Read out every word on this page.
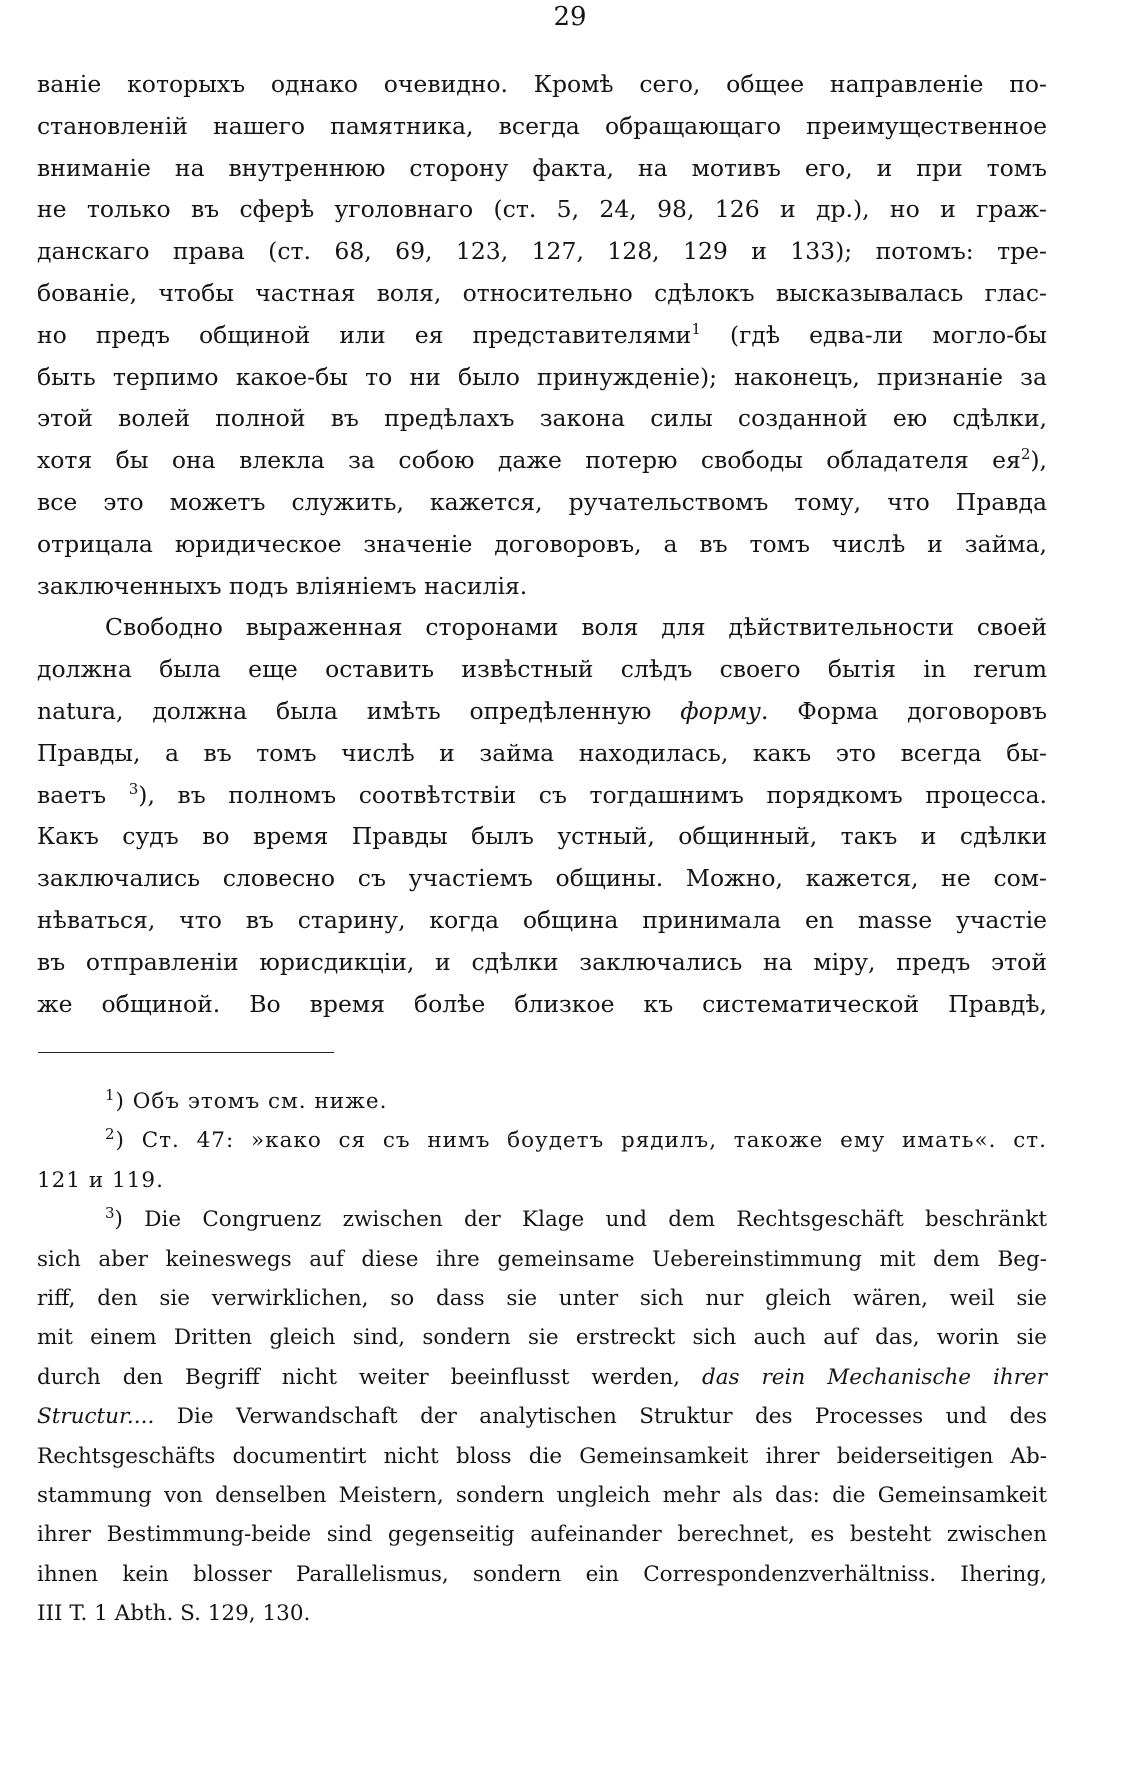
29
ваніе которыхъ однако очевидно. Кромѣ сего, общее направленіе по-
становленій нашего памятника, всегда обращающаго преимущественное
вниманіе на внутреннюю сторону факта, на мотивъ его, и при томъ
не только въ сферѣ уголовнаго (ст. 5, 24, 98, 126 и др.), но и граж-
данскаго права (ст. 68, 69, 123, 127, 128, 129 и 133); потомъ: тре-
бованіе, чтобы частная воля, относительно сдѣлокъ высказывалась глас-
но предъ общиной или ея представителями$^1$ (гдѣ едва-ли могло-бы
быть терпимо какое-бы то ни было принужденіе); наконецъ, признаніе за
этой волей полной въ предѣлахъ закона силы созданной ею сдѣлки,
хотя бы она влекла за собою даже потерю свободы обладателя $ея^2$),
все это можетъ служить, кажется, ручательствомъ тому, что Правда
отрицала юридическое значеніе договоровъ, а въ томъ числѣ и займа,
заключенныхъ подъ вліяніемъ насилія.
Свободно выраженная сторонами воля для дѣйствительности своей
должна была еще оставить извѣстный слѣдъ своего бытія in rerum
natura, должна была имѣть опредѣленную форму. Форма договоровъ
Правды, а въ томъ числѣ и займа находилась, какъ это всегда бы-
ваетъ $^3$), въ полномъ соотвѣтствіи съ тогдашнимъ порядкомъ процесса.
Какъ судъ во время Правды былъ устный, общинный, такъ и сдѣлки
заключались словесно съ участіемъ общины. Можно, кажется, не сом-
нѣваться, что въ старину, когда община принимала en masse участіе
въ отправленіи юрисдикціи, и сдѣлки заключались на міру, предъ этой
же общиной. Во время болѣе близкое къ систематической Правдѣ,
$^1$) Объ этомъ см. ниже.
$^2$) Ст. 47: »како ся съ нимъ боудетъ рядилъ, такоже ему имать«. ст.
121 и 119.
$^3$) Die Congruenz zwischen der Klage und dem Rechtsgeschäft beschränkt
sich aber keineswegs auf diese ihre gemeinsame Uebereinstimmung mit dem Beg-
riff, den sie verwirklichen, so dass sie unter sich nur gleich wären, weil sie
mit einem Dritten gleich sind, sondern sie erstreckt sich auch auf das, worin sie
durch den Begriff nicht weiter beeinflusst werden, das rein Mechanische ihrer
Structur.... Die Verwandschaft der analytischen Struktur des Processes und des
Rechtsgeschäfts documentirt nicht bloss die Gemeinsamkeit ihrer beiderseitigen Ab-
stammung von denselben Meistern, sondern ungleich mehr als das: die Gemeinsamkeit
ihrer Bestimmung-beide sind gegenseitig aufeinander berechnet, es besteht zwischen
ihnen kein blosser Parallelismus, sondern ein Correspondenzverhältniss. Ihering,
III T. 1 Abth. S. 129, 130.
